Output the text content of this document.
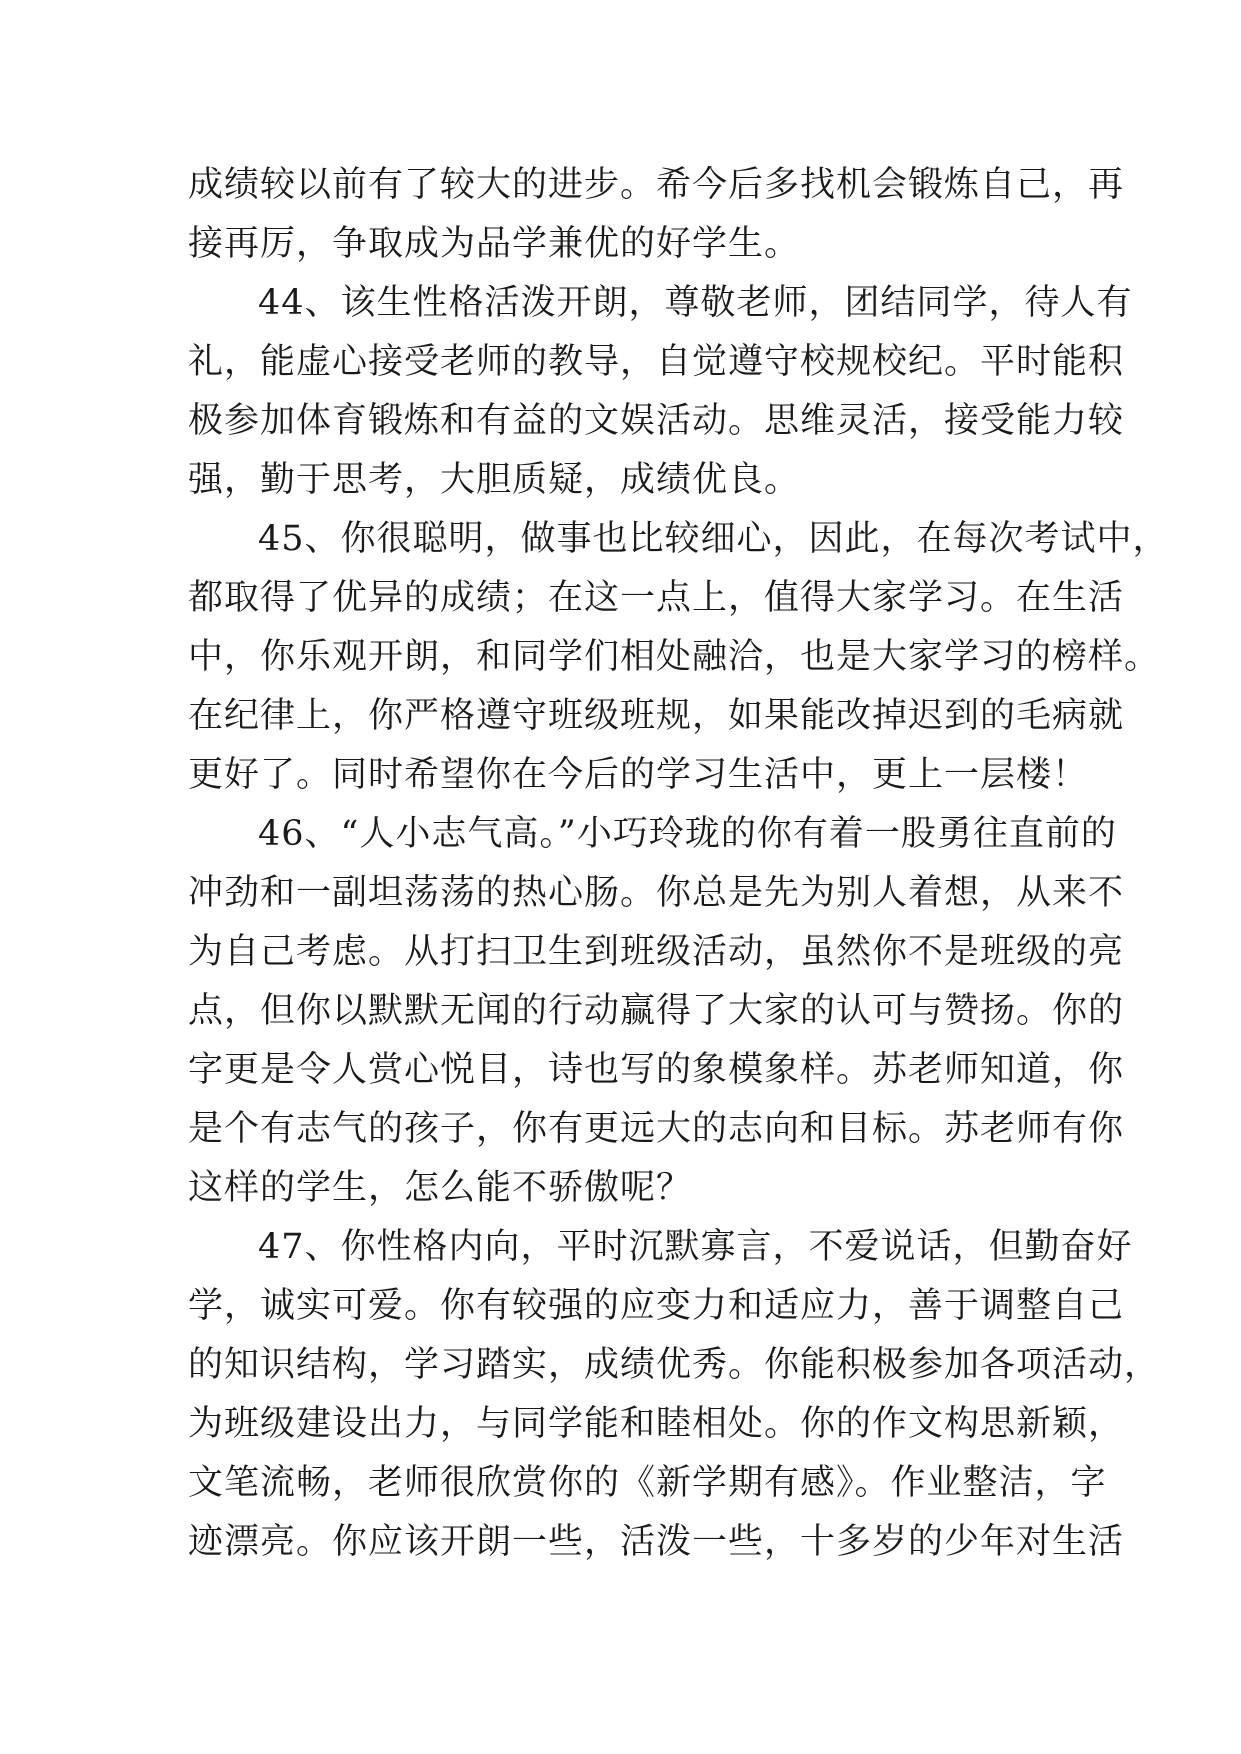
成绩较以前有了较大的进步。希今后多找机会锻炼自己，再
接再厉，争取成为品学兼优的好学生。

44、该生性格活泼开朗，尊敬老师，团结同学，待人有
礼，能虚心接受老师的教导，自觉遵守校规校纪。平时能积
极参加体育锻炼和有益的文娱活动。思维灵活，接受能力较
强，勤于思考，大胆质疑，成绩优良。

45、你很聪明，做事也比较细心，因此，在每次考试中，
都取得了优异的成绩；在这一点上，值得大家学习。在生活
中，你乐观开朗，和同学们相处融洽，也是大家学习的榜样。
在纪律上，你严格遵守班级班规，如果能改掉迟到的毛病就
更好了。同时希望你在今后的学习生活中，更上一层楼！

46、“人小志气高。”小巧玲珑的你有着一股勇往直前的
冲劲和一副坦荡荡的热心肠。你总是先为别人着想，从来不
为自己考虑。从打扫卫生到班级活动，虽然你不是班级的亮
点，但你以默默无闻的行动赢得了大家的认可与赞扬。你的
字更是令人赏心悦目，诗也写的象模象样。苏老师知道，你
是个有志气的孩子，你有更远大的志向和目标。苏老师有你
这样的学生，怎么能不骄傲呢？

47、你性格内向，平时沉默寡言，不爱说话，但勤奋好
学，诚实可爱。你有较强的应变力和适应力，善于调整自己
的知识结构，学习踏实，成绩优秀。你能积极参加各项活动，
为班级建设出力，与同学能和睦相处。你的作文构思新颖，
文笔流畅，老师很欣赏你的《新学期有感》。作业整洁，字
迹漂亮。你应该开朗一些，活泼一些，十多岁的少年对生活
